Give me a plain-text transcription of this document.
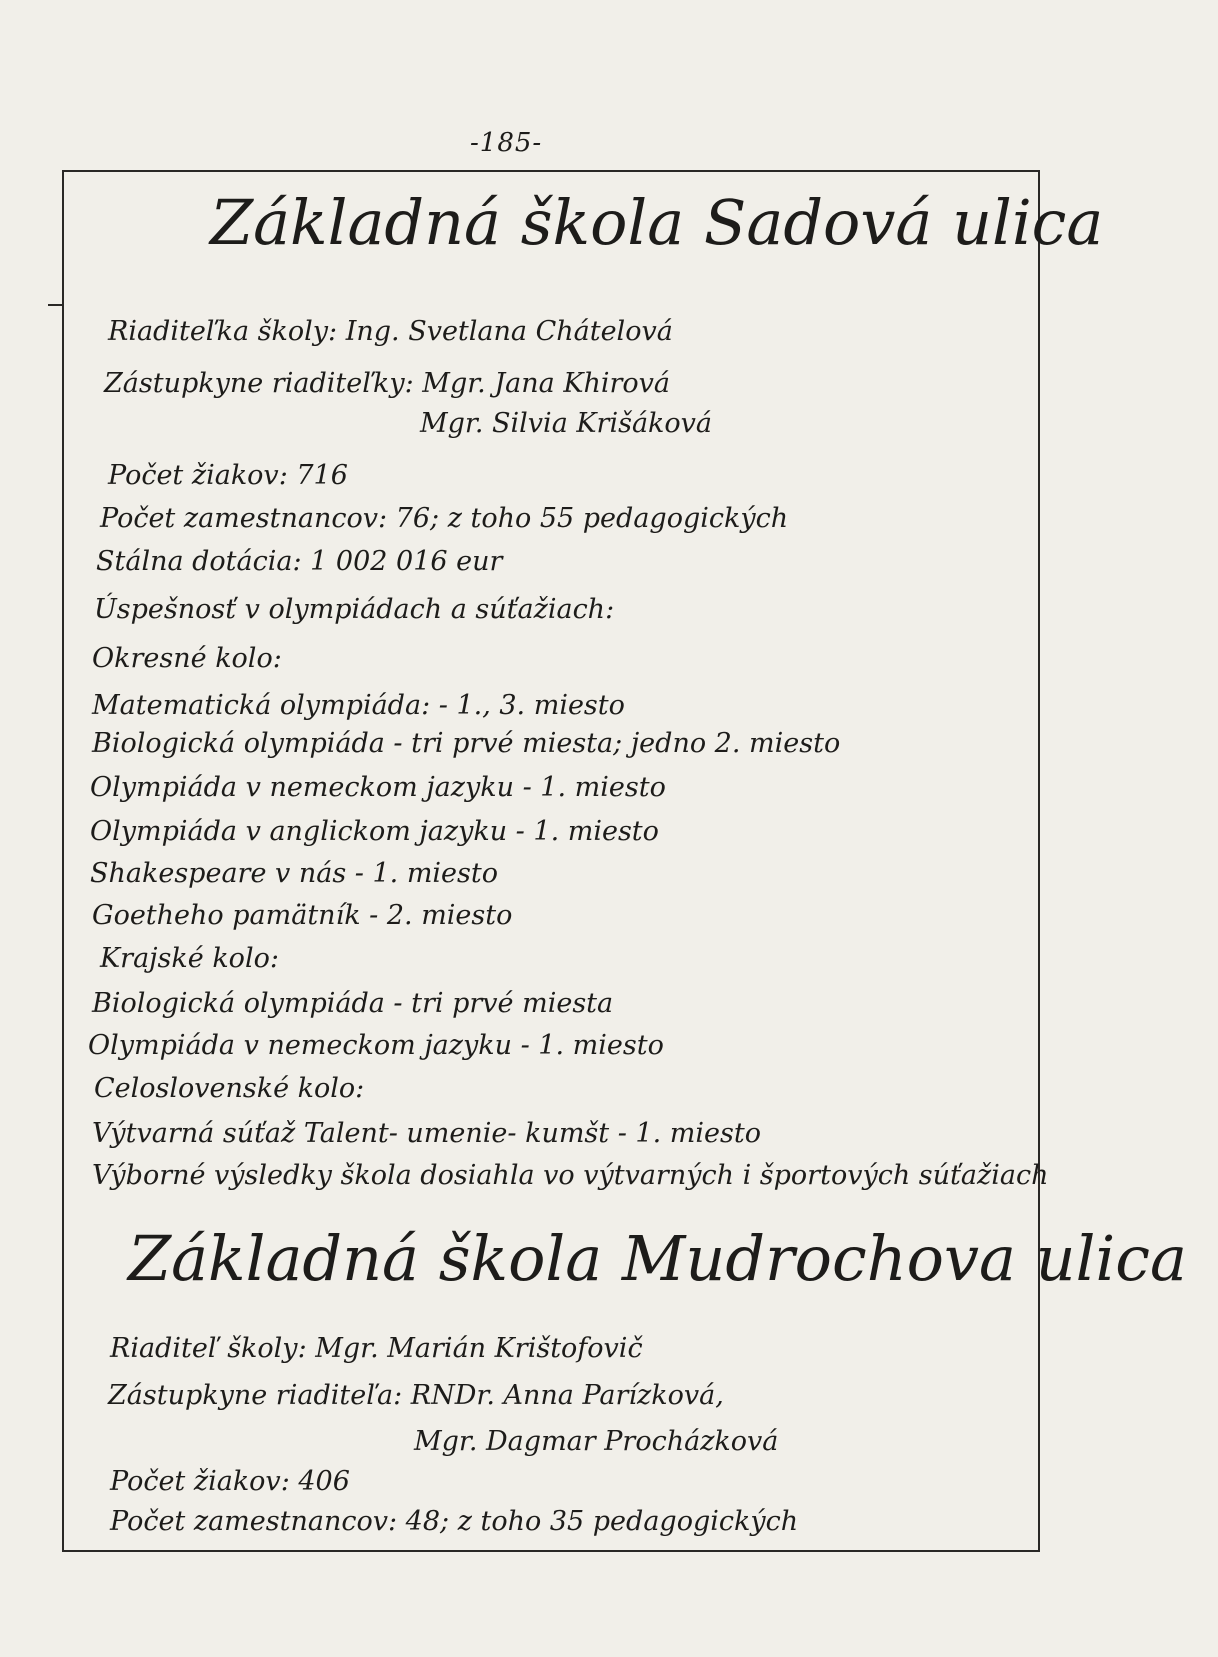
-185-
Základná škola Sadová ulica
Riaditeľka školy: Ing. Svetlana Chátelová
Zástupkyne riaditeľky: Mgr. Jana Khirová
Mgr. Silvia Krišáková
Počet žiakov: 716
Počet zamestnancov: 76; z toho 55 pedagogických
Stálna dotácia: 1 002 016 eur
Úspešnosť v olympiádach a súťažiach:
Okresné kolo:
Matematická olympiáda: - 1., 3. miesto
Biologická olympiáda - tri prvé miesta; jedno 2. miesto
Olympiáda v nemeckom jazyku - 1. miesto
Olympiáda v anglickom jazyku - 1. miesto
Shakespeare v nás - 1. miesto
Goetheho pamätník - 2. miesto
Krajské kolo:
Biologická olympiáda - tri prvé miesta
Olympiáda v nemeckom jazyku - 1. miesto
Celoslovenské kolo:
Výtvarná súťaž Talent- umenie- kumšt - 1. miesto
Výborné výsledky škola dosiahla vo výtvarných i športových súťažiach
Základná škola Mudrochova ulica
Riaditeľ školy: Mgr. Marián Krištofovič
Zástupkyne riaditeľa: RNDr. Anna Parízková,
Mgr. Dagmar Procházková
Počet žiakov: 406
Počet zamestnancov: 48; z toho 35 pedagogických
